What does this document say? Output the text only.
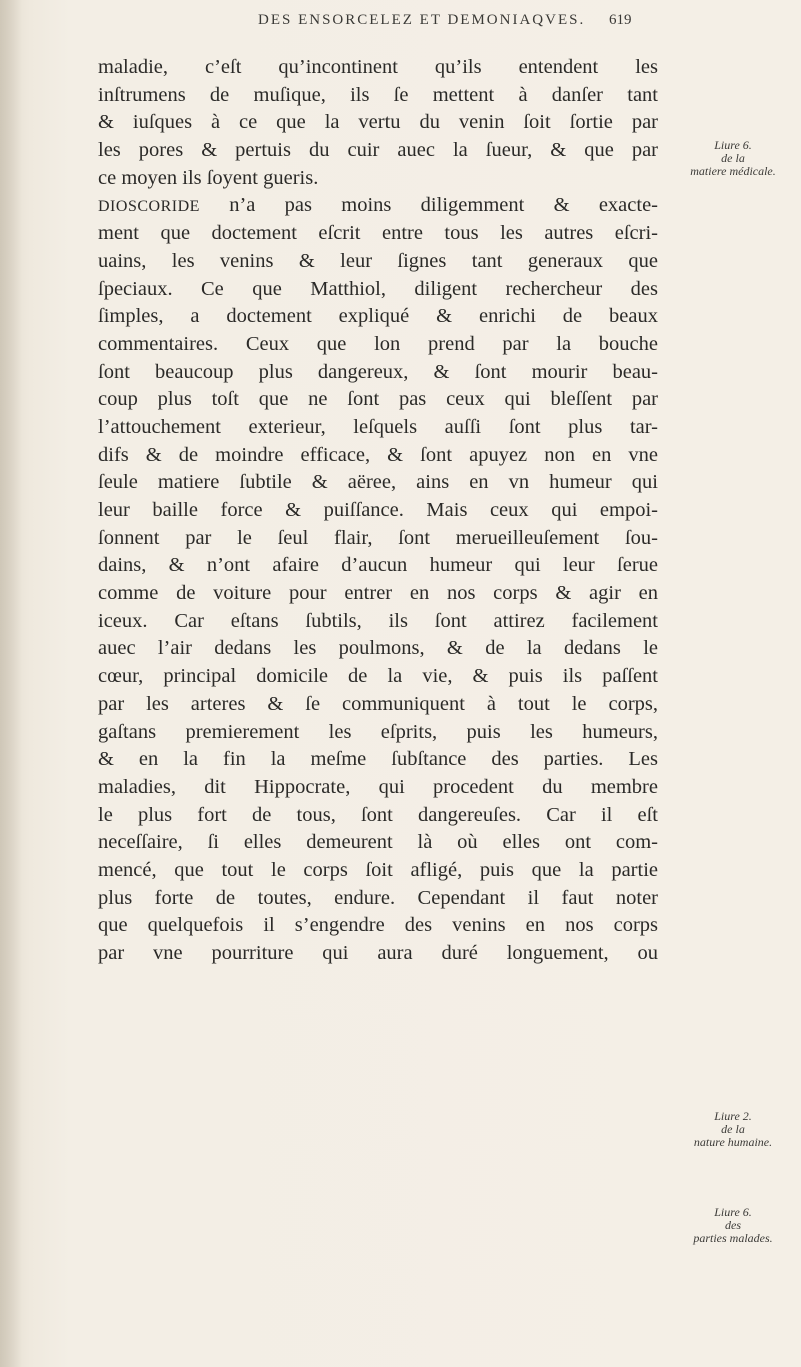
DES ENSORCELEZ ET DEMONIAQVES. 619
maladie, c’eſt qu’incontinent qu’ils entendent les
inſtrumens de muſique, ils ſe mettent à danſer tant
& iuſques à ce que la vertu du venin ſoit ſortie par
les pores & pertuis du cuir auec la ſueur, & que par
ce moyen ils ſoyent gueris.
DIOSCORIDE n’a pas moins diligemment & exacte-
ment que doctement eſcrit entre tous les autres eſcri-
uains, les venins & leur ſignes tant generaux que
ſpeciaux. Ce que Matthiol, diligent rechercheur des
ſimples, a doctement expliqué & enrichi de beaux
commentaires. Ceux que lon prend par la bouche
ſont beaucoup plus dangereux, & ſont mourir beau-
coup plus toſt que ne ſont pas ceux qui bleſſent par
l’attouchement exterieur, leſquels auſſi ſont plus tar-
difs & de moindre efficace, & ſont apuyez non en vne
ſeule matiere ſubtile & aëree, ains en vn humeur qui
leur baille force & puiſſance. Mais ceux qui empoi-
ſonnent par le ſeul flair, ſont merueilleuſement ſou-
dains, & n’ont afaire d’aucun humeur qui leur ſerue
comme de voiture pour entrer en nos corps & agir en
iceux. Car eſtans ſubtils, ils ſont attirez facilement
auec l’air dedans les poulmons, & de la dedans le
cœur, principal domicile de la vie, & puis ils paſſent
par les arteres & ſe communiquent à tout le corps,
gaſtans premierement les eſprits, puis les humeurs,
& en la fin la meſme ſubſtance des parties. Les
maladies, dit Hippocrate, qui procedent du membre
le plus fort de tous, ſont dangereuſes. Car il eſt
neceſſaire, ſi elles demeurent là où elles ont com-
mencé, que tout le corps ſoit afligé, puis que la partie
plus forte de toutes, endure. Cependant il faut noter
que quelquefois il s’engendre des venins en nos corps
par vne pourriture qui aura duré longuement, ou
Liure 6.
de la
matiere médicale.
Liure 2.
de la
nature humaine.
Liure 6.
des
parties malades.
